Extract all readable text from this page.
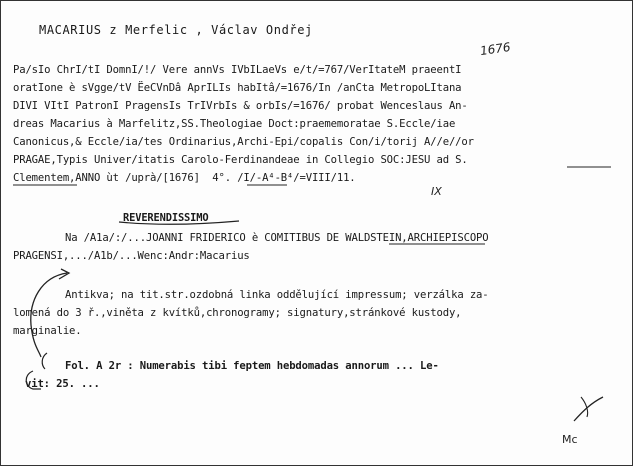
MACARIUS z Merfelic , Václav Ondřej
1676
Pa/sIo ChrI/tI DomnI/!/ Vere annVs IVbILaeVs e/t/=767/VerItateM praeentI
oratIone è sVgge/tV ËeCVnDâ AprILIs habItâ/=1676/In /anCta MetropoLItana
DIVI VItI PatronI PragensIs TrIVrbIs & orbIs/=1676/ probat Wenceslaus An-
dreas Macarius à Marfelitz,SS.Theologiae Doct:praememoratae S.Eccle/iae
Canonicus,& Eccle/ia/tes Ordinarius,Archi-Epi/copalis Con/i/torij A//e//or
PRAGAE,Typis Univer/itatis Carolo-Ferdinandeae in Collegio SOC:JESU ad S.
Clementem,ANNO ùt /uprà/[1676]  4°. /I/-A⁴-B⁴/=VIII/11.
IX
REVERENDISSIMO
Na /A1a/:/...JOANNI FRIDERICO è COMITIBUS DE WALDSTEIN,ARCHIEPISCOPO
PRAGENSI,.../A1b/...Wenc:Andr:Macarius
Antikva; na tit.str.ozdobná linka oddělující impressum; verzálka za-
lomená do 3 ř.,viněta z kvítků,chronogramy; signatury,stránkové kustody,
marginalie.
Fol. A 2r : Numerabis tibi feptem hebdomadas annorum ... Le-
vit: 25. ...
Mc
